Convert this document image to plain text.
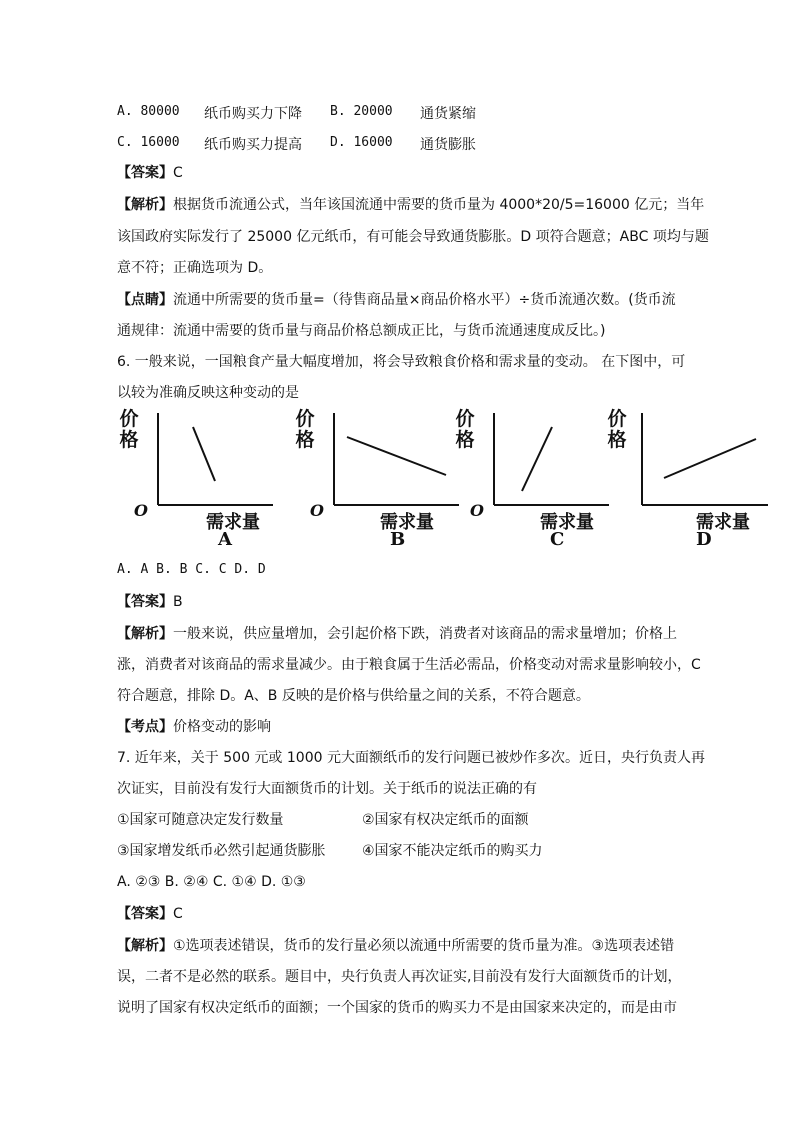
A. 80000 纸币购买力下降 B. 20000 通货紧缩
C. 16000 纸币购买力提高 D. 16000 通货膨胀
【答案】C
【解析】根据货币流通公式，当年该国流通中需要的货币量为 4000*20/5=16000 亿元；当年
该国政府实际发行了 25000 亿元纸币，有可能会导致通货膨胀。D 项符合题意；ABC 项均与题
意不符；正确选项为 D。
【点睛】流通中所需要的货币量=（待售商品量×商品价格水平）÷货币流通次数。(货币流
通规律：流通中需要的货币量与商品价格总额成正比，与货币流通速度成反比。)
6. 一般来说，一国粮食产量大幅度增加，将会导致粮食价格和需求量的变动。 在下图中，可
以较为准确反映这种变动的是
价
格
O
需求量
A
价
格
O
需求量
B
价
格
O
需求量
C
价
格
需求量
D
A. A B. B C. C D. D
【答案】B
【解析】一般来说，供应量增加，会引起价格下跌，消费者对该商品的需求量增加；价格上
涨，消费者对该商品的需求量减少。由于粮食属于生活必需品，价格变动对需求量影响较小，C
符合题意，排除 D。A、B 反映的是价格与供给量之间的关系，不符合题意。
【考点】价格变动的影响
7. 近年来，关于 500 元或 1000 元大面额纸币的发行问题已被炒作多次。近日，央行负责人再
次证实，目前没有发行大面额货币的计划。关于纸币的说法正确的有
①国家可随意决定发行数量	②国家有权决定纸币的面额
③国家增发纸币必然引起通货膨胀	④国家不能决定纸币的购买力
A. ②③ B. ②④ C. ①④ D. ①③
【答案】C
【解析】①选项表述错误，货币的发行量必须以流通中所需要的货币量为准。③选项表述错
误，二者不是必然的联系。题目中，央行负责人再次证实,目前没有发行大面额货币的计划，
说明了国家有权决定纸币的面额；一个国家的货币的购买力不是由国家来决定的，而是由市
